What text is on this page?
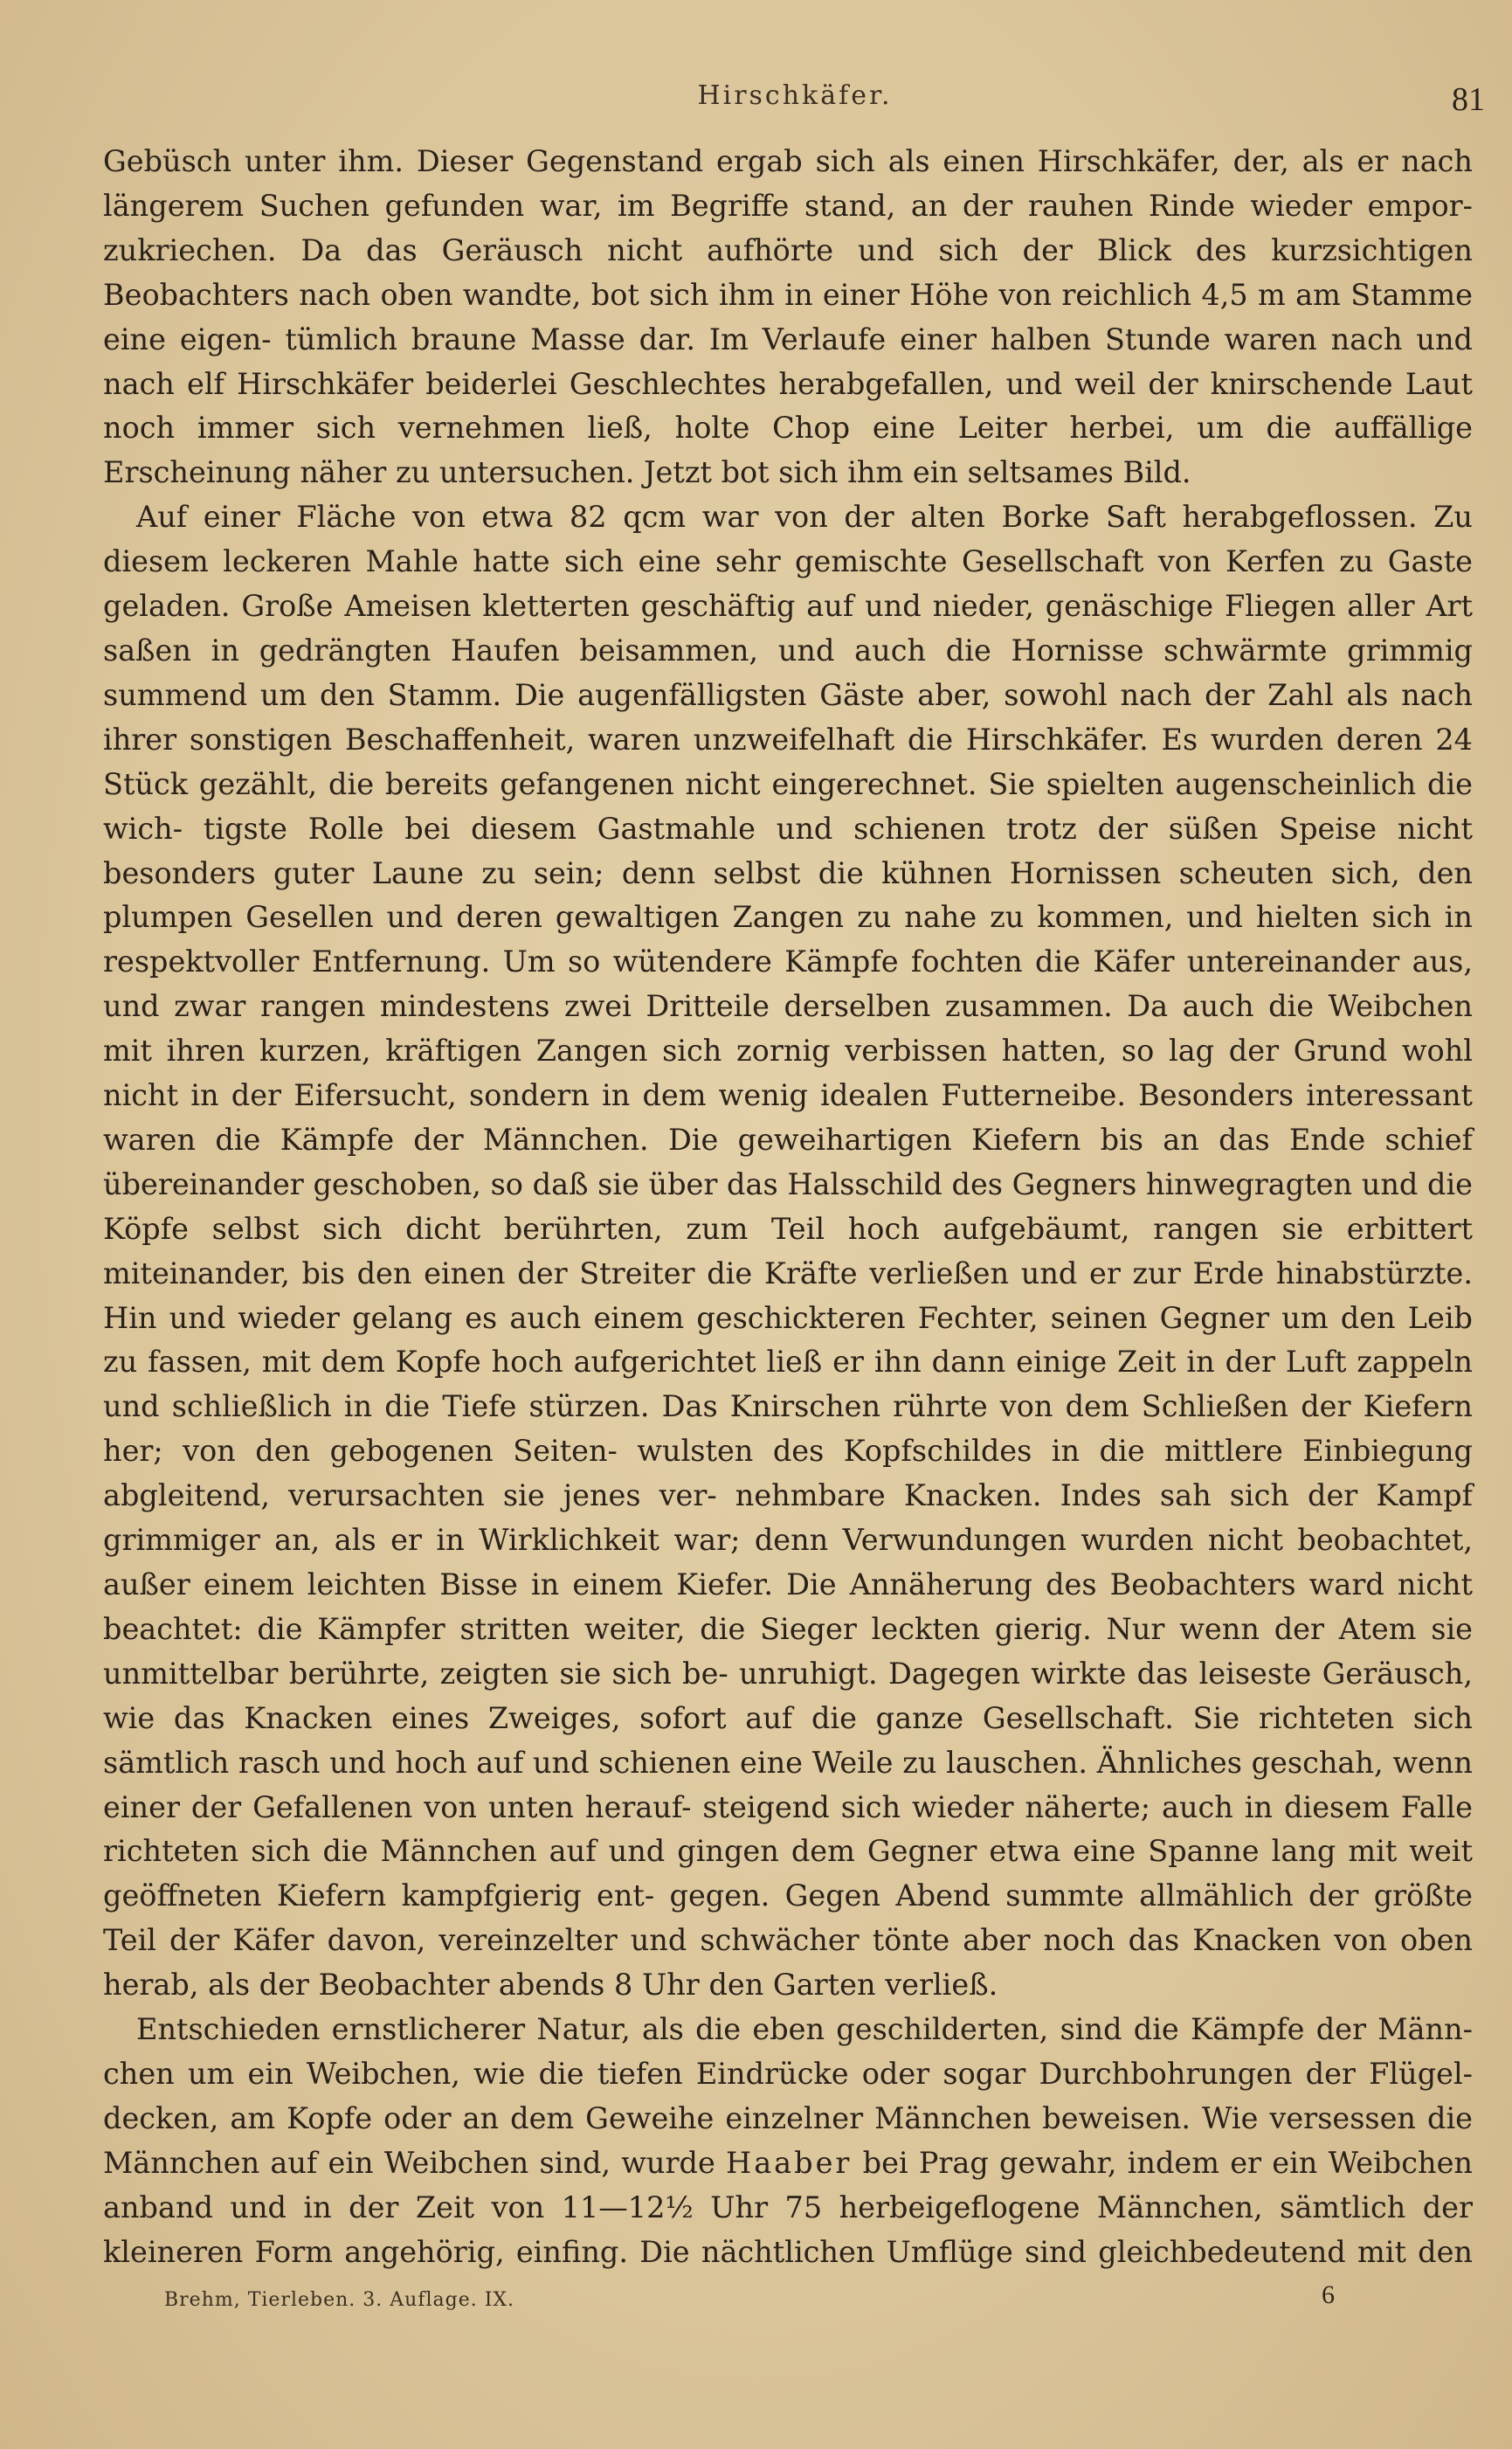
Hirschkäfer.	81

Gebüsch unter ihm. Dieser Gegenstand ergab sich als einen Hirschkäfer, der, als er nach längerem Suchen gefunden war, im Begriffe stand, an der rauhen Rinde wieder empor- zukriechen. Da das Geräusch nicht aufhörte und sich der Blick des kurzsichtigen Beobachters nach oben wandte, bot sich ihm in einer Höhe von reichlich 4,5 m am Stamme eine eigen- tümlich braune Masse dar. Im Verlaufe einer halben Stunde waren nach und nach elf Hirschkäfer beiderlei Geschlechtes herabgefallen, und weil der knirschende Laut noch immer sich vernehmen ließ, holte Chop eine Leiter herbei, um die auffällige Erscheinung näher zu untersuchen. Jetzt bot sich ihm ein seltsames Bild.

Auf einer Fläche von etwa 82 qcm war von der alten Borke Saft herabgeflossen. Zu diesem leckeren Mahle hatte sich eine sehr gemischte Gesellschaft von Kerfen zu Gaste geladen. Große Ameisen kletterten geschäftig auf und nieder, genäschige Fliegen aller Art saßen in gedrängten Haufen beisammen, und auch die Hornisse schwärmte grimmig summend um den Stamm. Die augenfälligsten Gäste aber, sowohl nach der Zahl als nach ihrer sonstigen Beschaffenheit, waren unzweifelhaft die Hirschkäfer. Es wurden deren 24 Stück gezählt, die bereits gefangenen nicht eingerechnet. Sie spielten augenscheinlich die wich- tigste Rolle bei diesem Gastmahle und schienen trotz der süßen Speise nicht besonders guter Laune zu sein; denn selbst die kühnen Hornissen scheuten sich, den plumpen Gesellen und deren gewaltigen Zangen zu nahe zu kommen, und hielten sich in respektvoller Entfernung. Um so wütendere Kämpfe fochten die Käfer untereinander aus, und zwar rangen mindestens zwei Dritteile derselben zusammen. Da auch die Weibchen mit ihren kurzen, kräftigen Zangen sich zornig verbissen hatten, so lag der Grund wohl nicht in der Eifersucht, sondern in dem wenig idealen Futterneibe. Besonders interessant waren die Kämpfe der Männchen. Die geweihartigen Kiefern bis an das Ende schief übereinander geschoben, so daß sie über das Halsschild des Gegners hinwegragten und die Köpfe selbst sich dicht berührten, zum Teil hoch aufgebäumt, rangen sie erbittert miteinander, bis den einen der Streiter die Kräfte verließen und er zur Erde hinabstürzte. Hin und wieder gelang es auch einem geschickteren Fechter, seinen Gegner um den Leib zu fassen, mit dem Kopfe hoch aufgerichtet ließ er ihn dann einige Zeit in der Luft zappeln und schließlich in die Tiefe stürzen. Das Knirschen rührte von dem Schließen der Kiefern her; von den gebogenen Seiten- wulsten des Kopfschildes in die mittlere Einbiegung abgleitend, verursachten sie jenes ver- nehmbare Knacken. Indes sah sich der Kampf grimmiger an, als er in Wirklichkeit war; denn Verwundungen wurden nicht beobachtet, außer einem leichten Bisse in einem Kiefer. Die Annäherung des Beobachters ward nicht beachtet: die Kämpfer stritten weiter, die Sieger leckten gierig. Nur wenn der Atem sie unmittelbar berührte, zeigten sie sich be- unruhigt. Dagegen wirkte das leiseste Geräusch, wie das Knacken eines Zweiges, sofort auf die ganze Gesellschaft. Sie richteten sich sämtlich rasch und hoch auf und schienen eine Weile zu lauschen. Ähnliches geschah, wenn einer der Gefallenen von unten herauf- steigend sich wieder näherte; auch in diesem Falle richteten sich die Männchen auf und gingen dem Gegner etwa eine Spanne lang mit weit geöffneten Kiefern kampfgierig ent- gegen. Gegen Abend summte allmählich der größte Teil der Käfer davon, vereinzelter und schwächer tönte aber noch das Knacken von oben herab, als der Beobachter abends 8 Uhr den Garten verließ.

Entschieden ernstlicherer Natur, als die eben geschilderten, sind die Kämpfe der Männ- chen um ein Weibchen, wie die tiefen Eindrücke oder sogar Durchbohrungen der Flügel- decken, am Kopfe oder an dem Geweihe einzelner Männchen beweisen. Wie versessen die Männchen auf ein Weibchen sind, wurde Haaber bei Prag gewahr, indem er ein Weibchen anband und in der Zeit von 11—12½ Uhr 75 herbeigeflogene Männchen, sämtlich der kleineren Form angehörig, einfing. Die nächtlichen Umflüge sind gleichbedeutend mit den

Brehm, Tierleben. 3. Auflage. IX.	6
